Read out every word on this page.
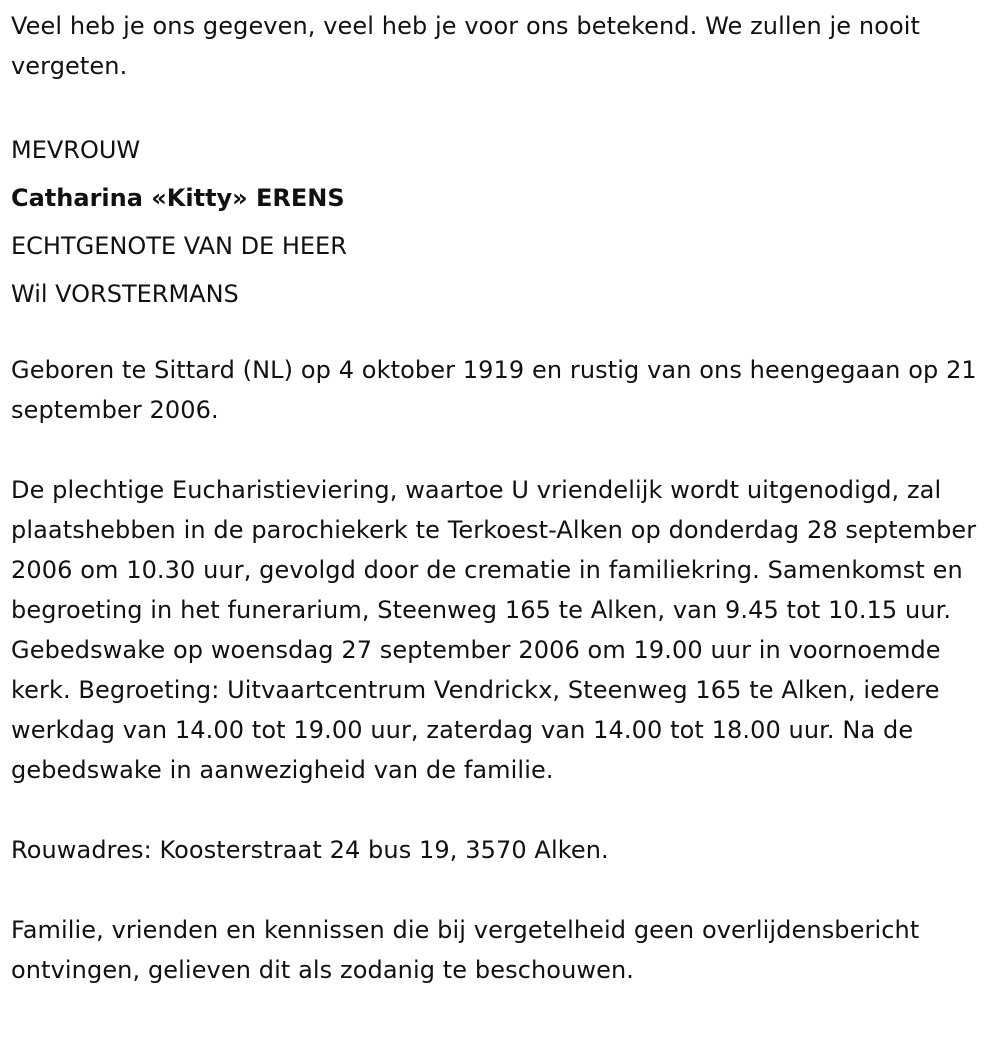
Veel heb je ons gegeven, veel heb je voor ons betekend. We zullen je nooit vergeten.

MEVROUW

Catharina «Kitty» ERENS

ECHTGENOTE VAN DE HEER

Wil VORSTERMANS

Geboren te Sittard (NL) op 4 oktober 1919 en rustig van ons heengegaan op 21 september 2006.

De plechtige Eucharistieviering, waartoe U vriendelijk wordt uitgenodigd, zal plaatshebben in de parochiekerk te Terkoest-Alken op donderdag 28 september 2006 om 10.30 uur, gevolgd door de crematie in familiekring. Samenkomst en begroeting in het funerarium, Steenweg 165 te Alken, van 9.45 tot 10.15 uur. Gebedswake op woensdag 27 september 2006 om 19.00 uur in voornoemde kerk. Begroeting: Uitvaartcentrum Vendrickx, Steenweg 165 te Alken, iedere werkdag van 14.00 tot 19.00 uur, zaterdag van 14.00 tot 18.00 uur. Na de gebedswake in aanwezigheid van de familie.

Rouwadres: Koosterstraat 24 bus 19, 3570 Alken.

Familie, vrienden en kennissen die bij vergetelheid geen overlijdensbericht ontvingen, gelieven dit als zodanig te beschouwen.
